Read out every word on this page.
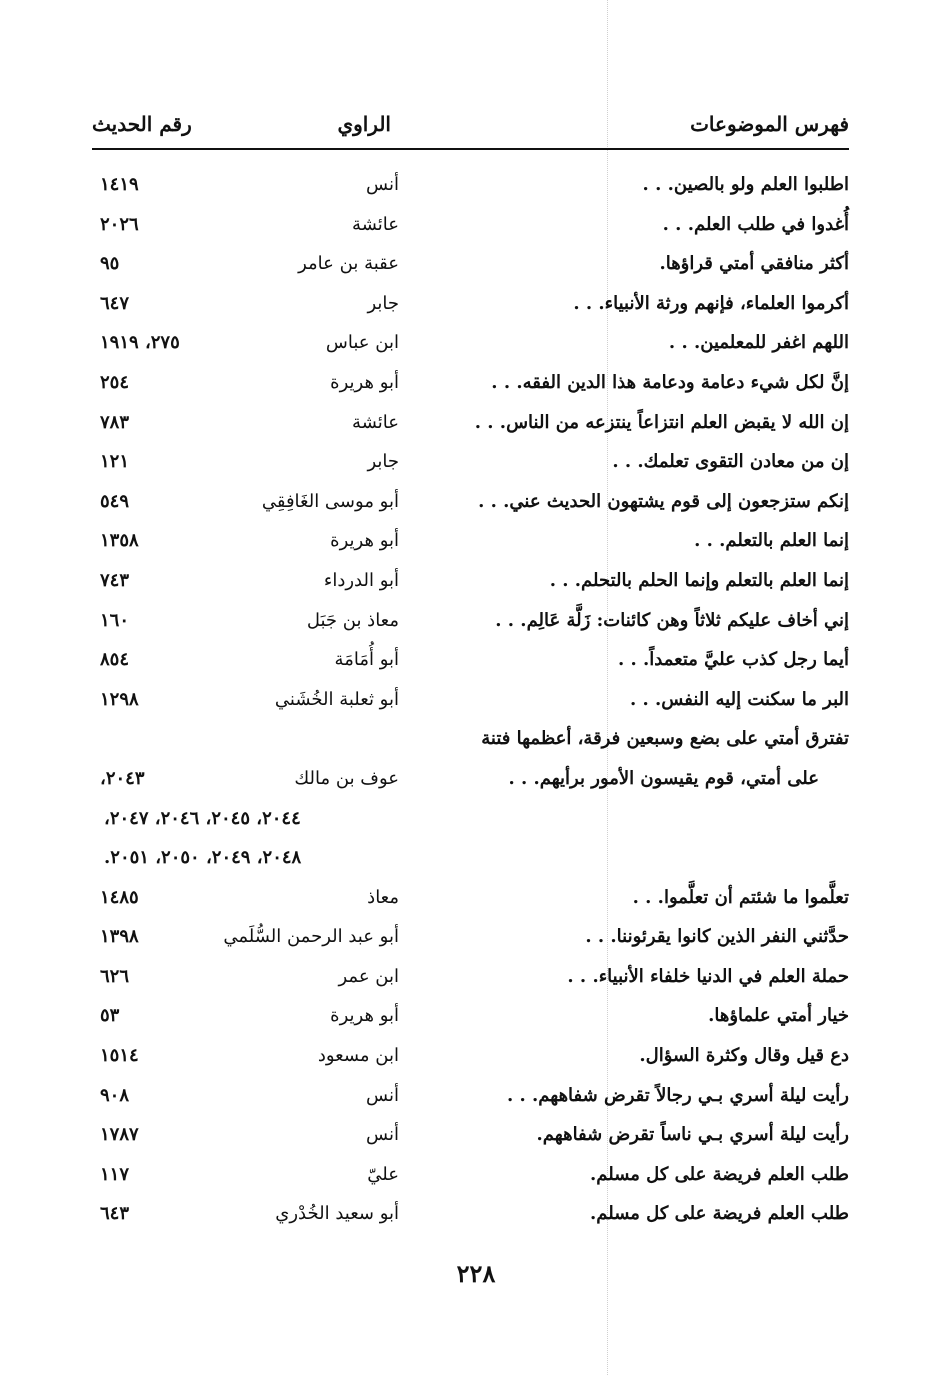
فهرس الموضوعات
الراوي
رقم الحديث
اطلبوا العلم ولو بالصين. . .
أنس
١٤١٩
أُغدوا في طلب العلم. . .
عائشة
٢٠٢٦
أكثر منافقي أمتي قراؤها.
عقبة بن عامر
٩٥
أكرموا العلماء، فإنهم ورثة الأنبياء. . .
جابر
٦٤٧
اللهم اغفر للمعلمين. . .
ابن عباس
٢٧٥، ١٩١٩
إنَّ لكل شيء دعامة ودعامة هذا الدين الفقه. . .
أبو هريرة
٢٥٤
إن الله لا يقبض العلم انتزاعاً ينتزعه من الناس. . .
عائشة
٧٨٣
إن من معادن التقوى تعلمك. . .
جابر
١٢١
إنكم ستزجعون إلى قوم يشتهون الحديث عني. . .
أبو موسى الغَافِقِي
٥٤٩
إنما العلم بالتعلم. . .
أبو هريرة
١٣٥٨
إنما العلم بالتعلم وإنما الحلم بالتحلم. . .
أبو الدرداء
٧٤٣
إني أخاف عليكم ثلاثاً وهن كائنات: زَلَّة عَالِم. . .
معاذ بن جَبَل
١٦٠
أيما رجل كذب عليَّ متعمداً. . .
أبو أُمَامَة
٨٥٤
البر ما سكنت إليه النفس. . .
أبو ثعلبة الخُشَني
١٢٩٨
تفترق أمتي على بضع وسبعين فرقة، أعظمها فتنة
على أمتي، قوم يقيسون الأمور برأيهم. . .
عوف بن مالك
٢٠٤٣،
٢٠٤٤، ٢٠٤٥، ٢٠٤٦، ٢٠٤٧،
٢٠٤٨، ٢٠٤٩، ٢٠٥٠، ٢٠٥١.
تعلَّموا ما شئتم أن تعلَّموا. . .
معاذ
١٤٨٥
حدَّثني النفر الذين كانوا يقرئوننا. . .
أبو عبد الرحمن السُّلَمي
١٣٩٨
حملة العلم في الدنيا خلفاء الأنبياء. . .
ابن عمر
٦٢٦
خيار أمتي علماؤها.
أبو هريرة
٥٣
دع قيل وقال وكثرة السؤال.
ابن مسعود
١٥١٤
رأيت ليلة أسري بـي رجالاً تقرض شفاههم. . .
أنس
٩٠٨
رأيت ليلة أسري بـي ناساً تقرض شفاههم.
أنس
١٧٨٧
طلب العلم فريضة على كل مسلم.
عليّ
١١٧
طلب العلم فريضة على كل مسلم.
أبو سعيد الخُدْري
٦٤٣
٢٢٨
